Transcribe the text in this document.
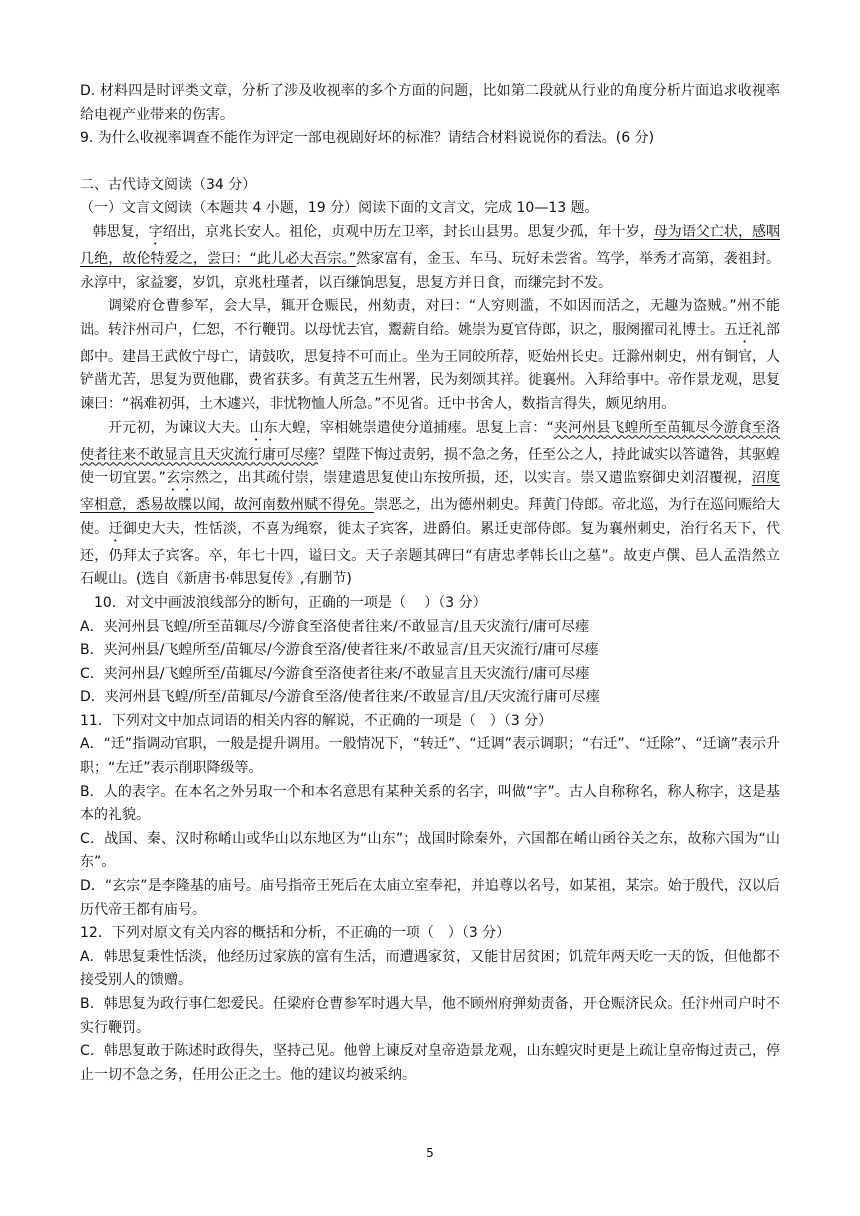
D. 材料四是时评类文章，分析了涉及收视率的多个方面的问题，比如第二段就从行业的角度分析片面追求收视率给电视产业带来的伤害。

9. 为什么收视率调查不能作为评定一部电视剧好坏的标准？请结合材料说说你的看法。(6 分)

二、古代诗文阅读（34 分）

（一）文言文阅读（本题共 4 小题，19 分）阅读下面的文言文，完成 10—13 题。

韩思复，字绍出，京兆长安人。祖伦，贞观中历左卫率，封长山县男。思复少孤，年十岁，母为语父亡状，感咽几绝，故伦特爱之，尝曰：“此儿必大吾宗。”然家富有，金玉、车马、玩好未尝省。笃学，举秀才高第，袭祖封。永淳中，家益窭，岁饥，京兆杜瑾者，以百缣饷思复，思复方并日食，而缣完封不发。

调梁府仓曹参军，会大旱，辄开仓赈民，州劾责，对曰：“人穷则滥，不如因而活之，无趣为盗贼。”州不能诎。转汴州司户，仁恕，不行鞭罚。以母忧去官，鬻薪自给。姚崇为夏官侍郎，识之，服阕擢司礼博士。五迁礼部郎中。建昌王武攸宁母亡，请鼓吹，思复持不可而止。坐为王同皎所荐，贬始州长史。迁滁州刺史，州有铜官，人铲凿尤苦，思复为贾他郿，费省获多。有黄芝五生州署，民为刻颂其祥。徙襄州。入拜给事中。帝作景龙观，思复谏曰：“祸难初弭，土木遽兴，非忧物恤人所急。”不见省。迁中书舍人，数指言得失，颇见纳用。

开元初，为谏议大夫。山东大蝗，宰相姚崇遣使分道捕瘗。思复上言：“夹河州县飞蝗所至苗辄尽今游食至洛使者往来不敢显言且天灾流行庸可尽瘗？望陛下悔过责躬，损不急之务，任至公之人，持此诚实以答谴咎，其驱蝗使一切宜罢。”玄宗然之，出其疏付崇，崇建遣思复使山东按所损，还，以实言。崇又遣监察御史刘沼覆视，沼度宰相意，悉易故牒以闻，故河南数州赋不得免。崇恶之，出为德州刺史。拜黄门侍郎。帝北巡，为行在巡问赈给大使。迁御史大夫，性恬淡，不喜为绳察，徙太子宾客，进爵伯。累迁吏部侍郎。复为襄州刺史，治行名天下，代还，仍拜太子宾客。卒，年七十四，谥曰文。天子亲题其碑曰“有唐忠孝韩长山之墓”。故吏卢僎、邑人孟浩然立石岘山。(选自《新唐书·韩思复传》,有删节)

10．对文中画波浪线部分的断句，正确的一项是（　 ）（3 分）

A．夹河州县飞蝗/所至苗辄尽/今游食至洛使者往来/不敢显言/且天灾流行/庸可尽瘗

B．夹河州县/飞蝗所至/苗辄尽/今游食至洛/使者往来/不敢显言/且天灾流行/庸可尽瘗

C．夹河州县/飞蝗所至/苗辄尽/今游食至洛使者往来/不敢显言且天灾流行/庸可尽瘗

D．夹河州县飞蝗/所至/苗辄尽/今游食至洛/使者往来/不敢显言/且/天灾流行庸可尽瘗

11．下列对文中加点词语的相关内容的解说，不正确的一项是（　）（3 分）

A．“迁”指调动官职，一般是提升调用。一般情况下，“转迁”、“迁调”表示调职；“右迁”、“迁除”、“迁谪”表示升职；“左迁”表示削职降级等。

B．人的表字。在本名之外另取一个和本名意思有某种关系的名字，叫做“字”。古人自称称名，称人称字，这是基本的礼貌。

C．战国、秦、汉时称崤山或华山以东地区为“山东”；战国时除秦外，六国都在崤山函谷关之东，故称六国为“山东”。

D．“玄宗”是李隆基的庙号。庙号指帝王死后在太庙立室奉祀，并追尊以名号，如某祖，某宗。始于殷代，汉以后历代帝王都有庙号。

12．下列对原文有关内容的概括和分析，不正确的一项（　）（3 分）

A．韩思复秉性恬淡，他经历过家族的富有生活，而遭遇家贫，又能甘居贫困；饥荒年两天吃一天的饭，但他都不接受别人的馈赠。

B．韩思复为政行事仁恕爱民。任梁府仓曹参军时遇大旱，他不顾州府弹劾责备，开仓赈济民众。任汴州司户时不实行鞭罚。

C．韩思复敢于陈述时政得失，坚持己见。他曾上谏反对皇帝造景龙观，山东蝗灾时更是上疏让皇帝悔过责己，停止一切不急之务，任用公正之士。他的建议均被采纳。

5
